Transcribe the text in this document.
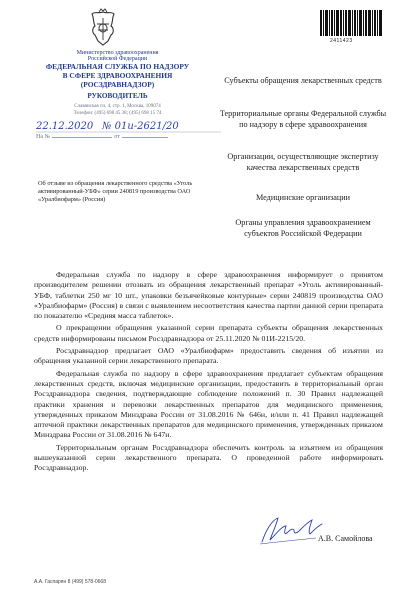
Министерство здравоохранения
Российской Федерации
ФЕДЕРАЛЬНАЯ СЛУЖБА ПО НАДЗОРУ
В СФЕРЕ ЗДРАВООХРАНЕНИЯ
(РОСЗДРАВНАДЗОР)
РУКОВОДИТЕЛЬ
Славянская пл. 4, стр. 1, Москва, 109074
Телефон: (495) 698 45 38; (495) 698 15 74
22.12.2020 № 01и-2621/20
На №	от
Об отзыве из обращения лекарственного средства «Уголь активированный-УБФ» серии 240819 производства ОАО «Уралбиофарм» (Россия)
2411423
Субъекты обращения лекарственных средств
Территориальные органы Федеральной службы по надзору в сфере здравоохранения
Организации, осуществляющие экспертизу качества лекарственных средств
Медицинские организации
Органы управления здравоохранением субъектов Российской Федерации

Федеральная служба по надзору в сфере здравоохранения информирует о принятом производителем решении отозвать из обращения лекарственный препарат «Уголь активированный-УБФ, таблетки 250 мг 10 шт., упаковки безъячейковые контурные» серии 240819 производства ОАО «Уралбиофарм» (Россия) в связи с выявлением несоответствия качества партии данной серии препарата по показателю «Средняя масса таблеток».

О прекращении обращения указанной серии препарата субъекты обращения лекарственных средств информированы письмом Росздравнадзора от 25.11.2020 № 01И-2215/20.

Росздравнадзор предлагает ОАО «Уралбиофарм» предоставить сведения об изъятии из обращения указанной серии лекарственного препарата.

Федеральная служба по надзору в сфере здравоохранения предлагает субъектам обращения лекарственных средств, включая медицинские организации, предоставить в территориальный орган Росздравнадзора сведения, подтверждающие соблюдение положений п. 30 Правил надлежащей практики хранения и перевозки лекарственных препаратов для медицинского применения, утвержденных приказом Минздрава России от 31.08.2016 № 646н, и/или п. 41 Правил надлежащей аптечной практики лекарственных препаратов для медицинского применения, утвержденных приказом Минздрава России от 31.08.2016 № 647н.

Территориальным органам Росздравнадзора обеспечить контроль за изъятием из обращения вышеуказанной серии лекарственного препарата. О проведенной работе информировать Росздравнадзор.

А.В. Самойлова
А.А. Гаспарян 8 (499) 578-0668
